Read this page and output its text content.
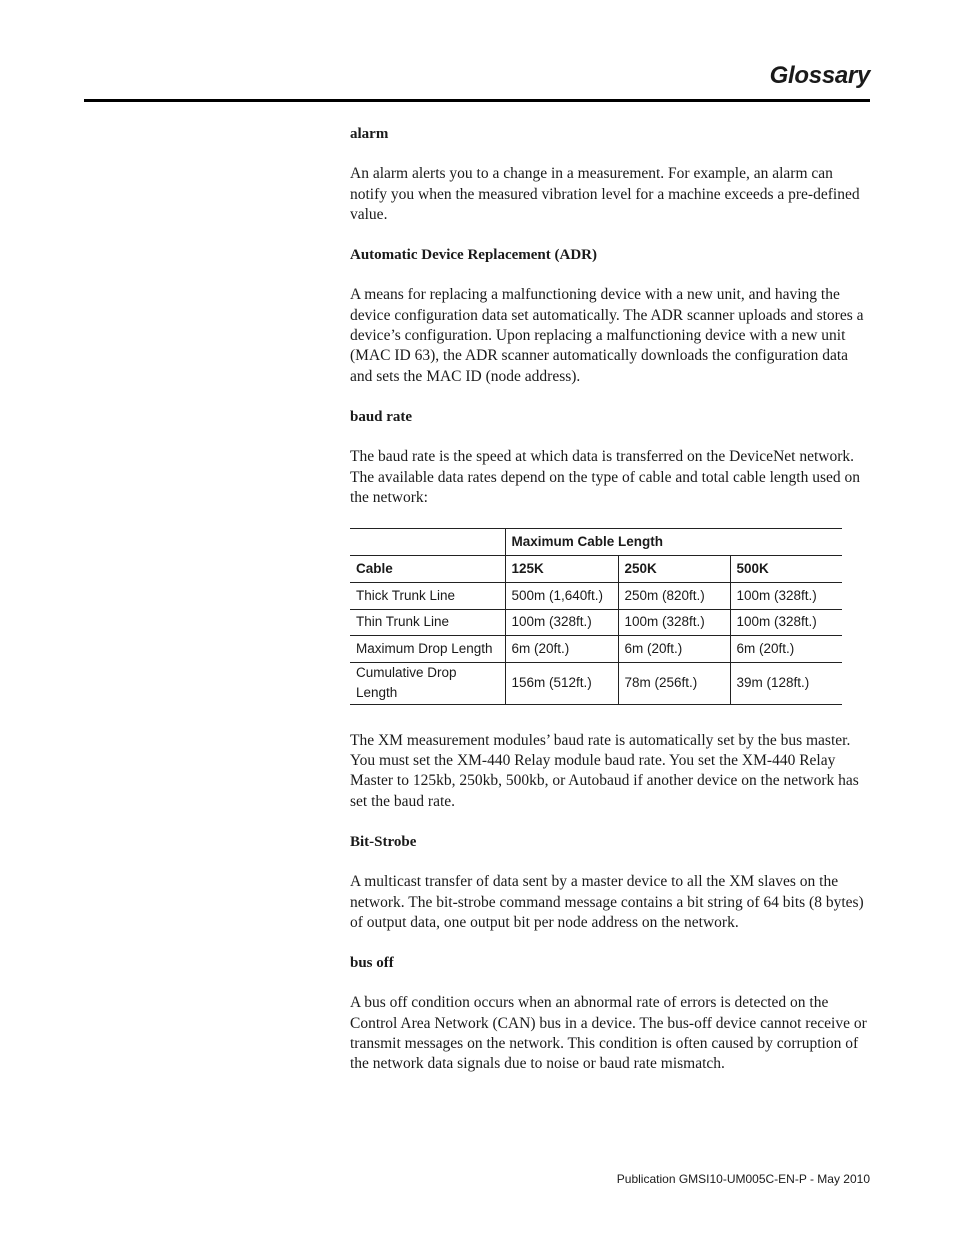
Glossary

alarm

An alarm alerts you to a change in a measurement. For example, an alarm can notify you when the measured vibration level for a machine exceeds a pre-defined value.

Automatic Device Replacement (ADR)

A means for replacing a malfunctioning device with a new unit, and having the device configuration data set automatically. The ADR scanner uploads and stores a device’s configuration. Upon replacing a malfunctioning device with a new unit (MAC ID 63), the ADR scanner automatically downloads the configuration data and sets the MAC ID (node address).

baud rate

The baud rate is the speed at which data is transferred on the DeviceNet network. The available data rates depend on the type of cable and total cable length used on the network:

	Maximum Cable Length		
Cable	125K	250K	500K
Thick Trunk Line	500m (1,640ft.)	250m (820ft.)	100m (328ft.)
Thin Trunk Line	100m (328ft.)	100m (328ft.)	100m (328ft.)
Maximum Drop Length	6m (20ft.)	6m (20ft.)	6m (20ft.)
Cumulative Drop Length	156m (512ft.)	78m (256ft.)	39m (128ft.)

The XM measurement modules’ baud rate is automatically set by the bus master. You must set the XM-440 Relay module baud rate. You set the XM-440 Relay Master to 125kb, 250kb, 500kb, or Autobaud if another device on the network has set the baud rate.

Bit-Strobe

A multicast transfer of data sent by a master device to all the XM slaves on the network. The bit-strobe command message contains a bit string of 64 bits (8 bytes) of output data, one output bit per node address on the network.

bus off

A bus off condition occurs when an abnormal rate of errors is detected on the Control Area Network (CAN) bus in a device. The bus-off device cannot receive or transmit messages on the network. This condition is often caused by corruption of the network data signals due to noise or baud rate mismatch.

Publication GMSI10-UM005C-EN-P - May 2010
